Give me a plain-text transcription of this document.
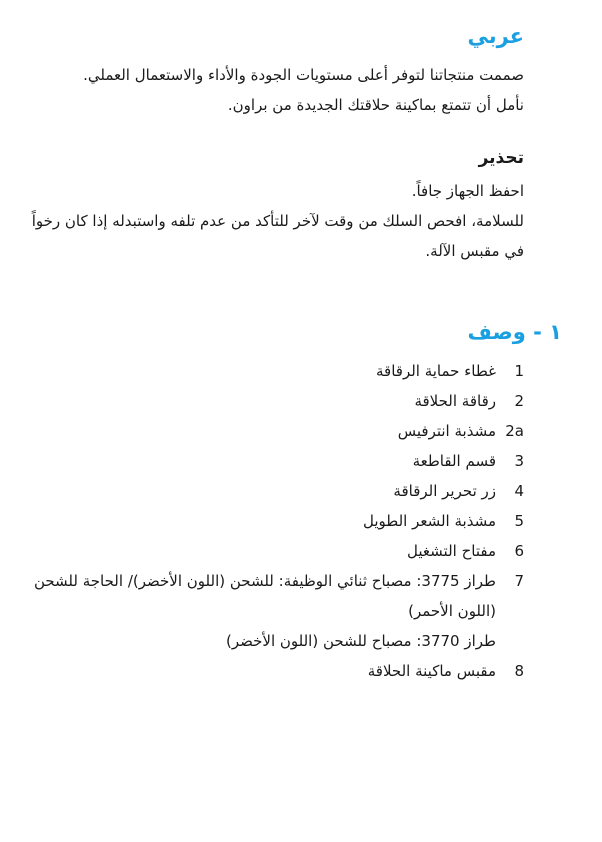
عربي

صممت منتجاتنا لتوفر أعلى مستويات الجودة والأداء والاستعمال العملي.

نأمل أن تتمتع بماكينة حلاقتك الجديدة من براون.

تحذير

احفظ الجهاز جافاً.

للسلامة، افحص السلك من وقت لآخر للتأكد من عدم تلفه واستبدله إذا كان رخواً في مقبس الآلة.

١ - وصف
1
غطاء حماية الرقاقة
2
رقاقة الحلاقة
2a
مشذبة انترفيس
3
قسم القاطعة
4
زر تحرير الرقاقة
5
مشذبة الشعر الطويل
6
مفتاح التشغيل
7
طراز 3775: مصباح ثنائي الوظيفة: للشحن (اللون الأخضر)/ الحاجة للشحن (اللون الأحمر)
طراز 3770: مصباح للشحن (اللون الأخضر)
8
مقبس ماكينة الحلاقة
